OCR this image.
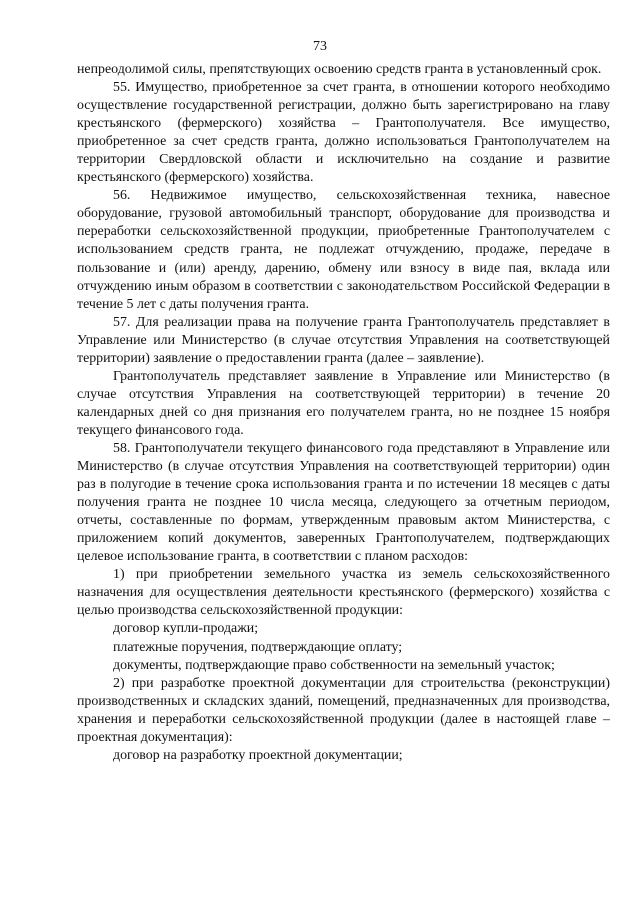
73

непреодолимой силы, препятствующих освоению средств гранта в установленный срок.

55. Имущество, приобретенное за счет гранта, в отношении которого необходимо осуществление государственной регистрации, должно быть зарегистрировано на главу крестьянского (фермерского) хозяйства – Грантополучателя. Все имущество, приобретенное за счет средств гранта, должно использоваться Грантополучателем на территории Свердловской области и исключительно на создание и развитие крестьянского (фермерского) хозяйства.

56. Недвижимое имущество, сельскохозяйственная техника, навесное оборудование, грузовой автомобильный транспорт, оборудование для производства и переработки сельскохозяйственной продукции, приобретенные Грантополучателем с использованием средств гранта, не подлежат отчуждению, продаже, передаче в пользование и (или) аренду, дарению, обмену или взносу в виде пая, вклада или отчуждению иным образом в соответствии с законодательством Российской Федерации в течение 5 лет с даты получения гранта.

57. Для реализации права на получение гранта Грантополучатель представляет в Управление или Министерство (в случае отсутствия Управления на соответствующей территории) заявление о предоставлении гранта (далее – заявление).

Грантополучатель представляет заявление в Управление или Министерство (в случае отсутствия Управления на соответствующей территории) в течение 20 календарных дней со дня признания его получателем гранта, но не позднее 15 ноября текущего финансового года.

58. Грантополучатели текущего финансового года представляют в Управление или Министерство (в случае отсутствия Управления на соответствующей территории) один раз в полугодие в течение срока использования гранта и по истечении 18 месяцев с даты получения гранта не позднее 10 числа месяца, следующего за отчетным периодом, отчеты, составленные по формам, утвержденным правовым актом Министерства, с приложением копий документов, заверенных Грантополучателем, подтверждающих целевое использование гранта, в соответствии с планом расходов:

1) при приобретении земельного участка из земель сельскохозяйственного назначения для осуществления деятельности крестьянского (фермерского) хозяйства с целью производства сельскохозяйственной продукции:

договор купли-продажи;

платежные поручения, подтверждающие оплату;

документы, подтверждающие право собственности на земельный участок;

2) при разработке проектной документации для строительства (реконструкции) производственных и складских зданий, помещений, предназначенных для производства, хранения и переработки сельскохозяйственной продукции (далее в настоящей главе – проектная документация):

договор на разработку проектной документации;
